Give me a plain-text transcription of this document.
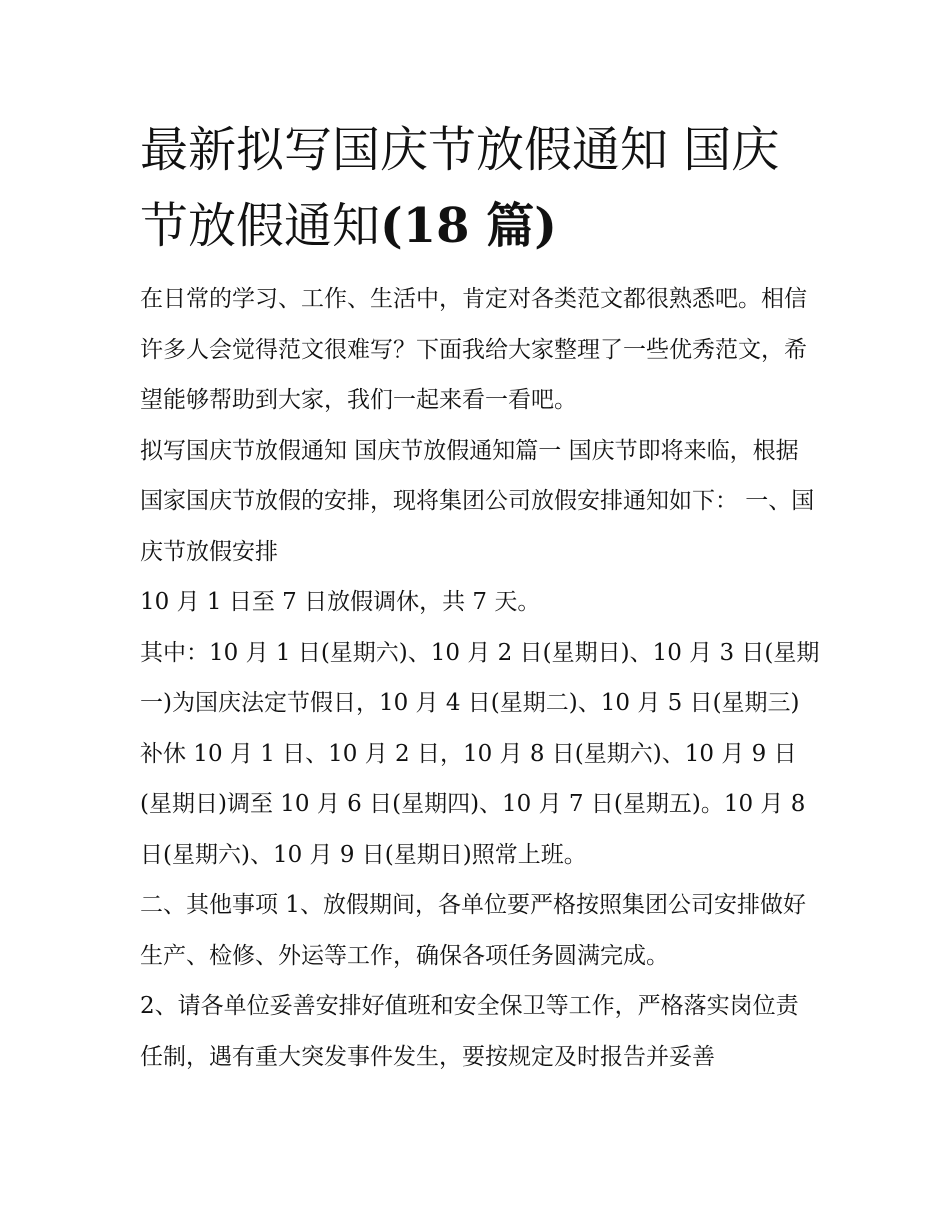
最新拟写国庆节放假通知 国庆节放假通知(18 篇)

在日常的学习、工作、生活中，肯定对各类范文都很熟悉吧。相信许多人会觉得范文很难写？下面我给大家整理了一些优秀范文，希望能够帮助到大家，我们一起来看一看吧。

拟写国庆节放假通知 国庆节放假通知篇一 国庆节即将来临，根据国家国庆节放假的安排，现将集团公司放假安排通知如下： 一、国庆节放假安排

10 月 1 日至 7 日放假调休，共 7 天。

其中：10 月 1 日(星期六)、10 月 2 日(星期日)、10 月 3 日(星期一)为国庆法定节假日，10 月 4 日(星期二)、10 月 5 日(星期三)补休 10 月 1 日、10 月 2 日，10 月 8 日(星期六)、10 月 9 日(星期日)调至 10 月 6 日(星期四)、10 月 7 日(星期五)。10 月 8 日(星期六)、10 月 9 日(星期日)照常上班。

二、其他事项 1、放假期间，各单位要严格按照集团公司安排做好生产、检修、外运等工作，确保各项任务圆满完成。

2、请各单位妥善安排好值班和安全保卫等工作，严格落实岗位责任制，遇有重大突发事件发生，要按规定及时报告并妥善
